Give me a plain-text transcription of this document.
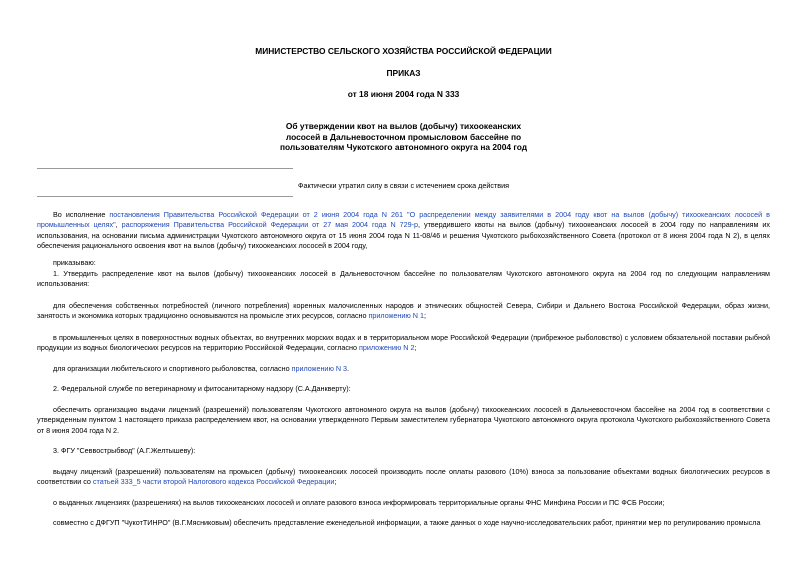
МИНИСТЕРСТВО СЕЛЬСКОГО ХОЗЯЙСТВА РОССИЙСКОЙ ФЕДЕРАЦИИ
ПРИКАЗ
от 18 июня 2004 года N 333
Об утверждении квот на вылов (добычу) тихоокеанских лососей в Дальневосточном промысловом бассейне по пользователям Чукотского автономного округа на 2004 год
Фактически утратил силу в связи с истечением срока действия

Во исполнение постановления Правительства Российской Федерации от 2 июня 2004 года N 261 "О распределении между заявителями в 2004 году квот на вылов (добычу) тихоокеанских лососей в промышленных целях", распоряжения Правительства Российской Федерации от 27 мая 2004 года N 729-р, утвердившего квоты на вылов (добычу) тихоокеанских лососей в 2004 году по направлениям их использования, на основании письма администрации Чукотского автономного округа от 15 июня 2004 года N 11-08/46 и решения Чукотского рыбохозяйственного Совета (протокол от 8 июня 2004 года N 2), в целях обеспечения рационального освоения квот на вылов (добычу) тихоокеанских лососей в 2004 году,

приказываю:

1. Утвердить распределение квот на вылов (добычу) тихоокеанских лососей в Дальневосточном бассейне по пользователям Чукотского автономного округа на 2004 год по следующим направлениям использования:

для обеспечения собственных потребностей (личного потребления) коренных малочисленных народов и этнических общностей Севера, Сибири и Дальнего Востока Российской Федерации, образ жизни, занятость и экономика которых традиционно основываются на промысле этих ресурсов, согласно приложению N 1;

в промышленных целях в поверхностных водных объектах, во внутренних морских водах и в территориальном море Российской Федерации (прибрежное рыболовство) с условием обязательной поставки рыбной продукции из водных биологических ресурсов на территорию Российской Федерации, согласно приложению N 2;

для организации любительского и спортивного рыболовства, согласно приложению N 3.

2. Федеральной службе по ветеринарному и фитосанитарному надзору (С.А.Данкверту):

обеспечить организацию выдачи лицензий (разрешений) пользователям Чукотского автономного округа на вылов (добычу) тихоокеанских лососей в Дальневосточном бассейне на 2004 год в соответствии с утвержденным пунктом 1 настоящего приказа распределением квот, на основании утвержденного Первым заместителем губернатора Чукотского автономного округа протокола Чукотского рыбохозяйственного Совета от 8 июня 2004 года N 2.

3. ФГУ "Севвострыбвод" (А.Г.Желтышеву):

выдачу лицензий (разрешений) пользователям на промысел (добычу) тихоокеанских лососей производить после оплаты разового (10%) взноса за пользование объектами водных биологических ресурсов в соответствии со статьей 333_5 части второй Налогового кодекса Российской Федерации;

о выданных лицензиях (разрешениях) на вылов тихоокеанских лососей и оплате разового взноса информировать территориальные органы ФНС Минфина России и ПС ФСБ России;

совместно с ДФГУП "ЧукотТИНРО" (В.Г.Мясниковым) обеспечить представление еженедельной информации, а также данных о ходе научно-исследовательских работ, принятии мер по регулированию промысла
